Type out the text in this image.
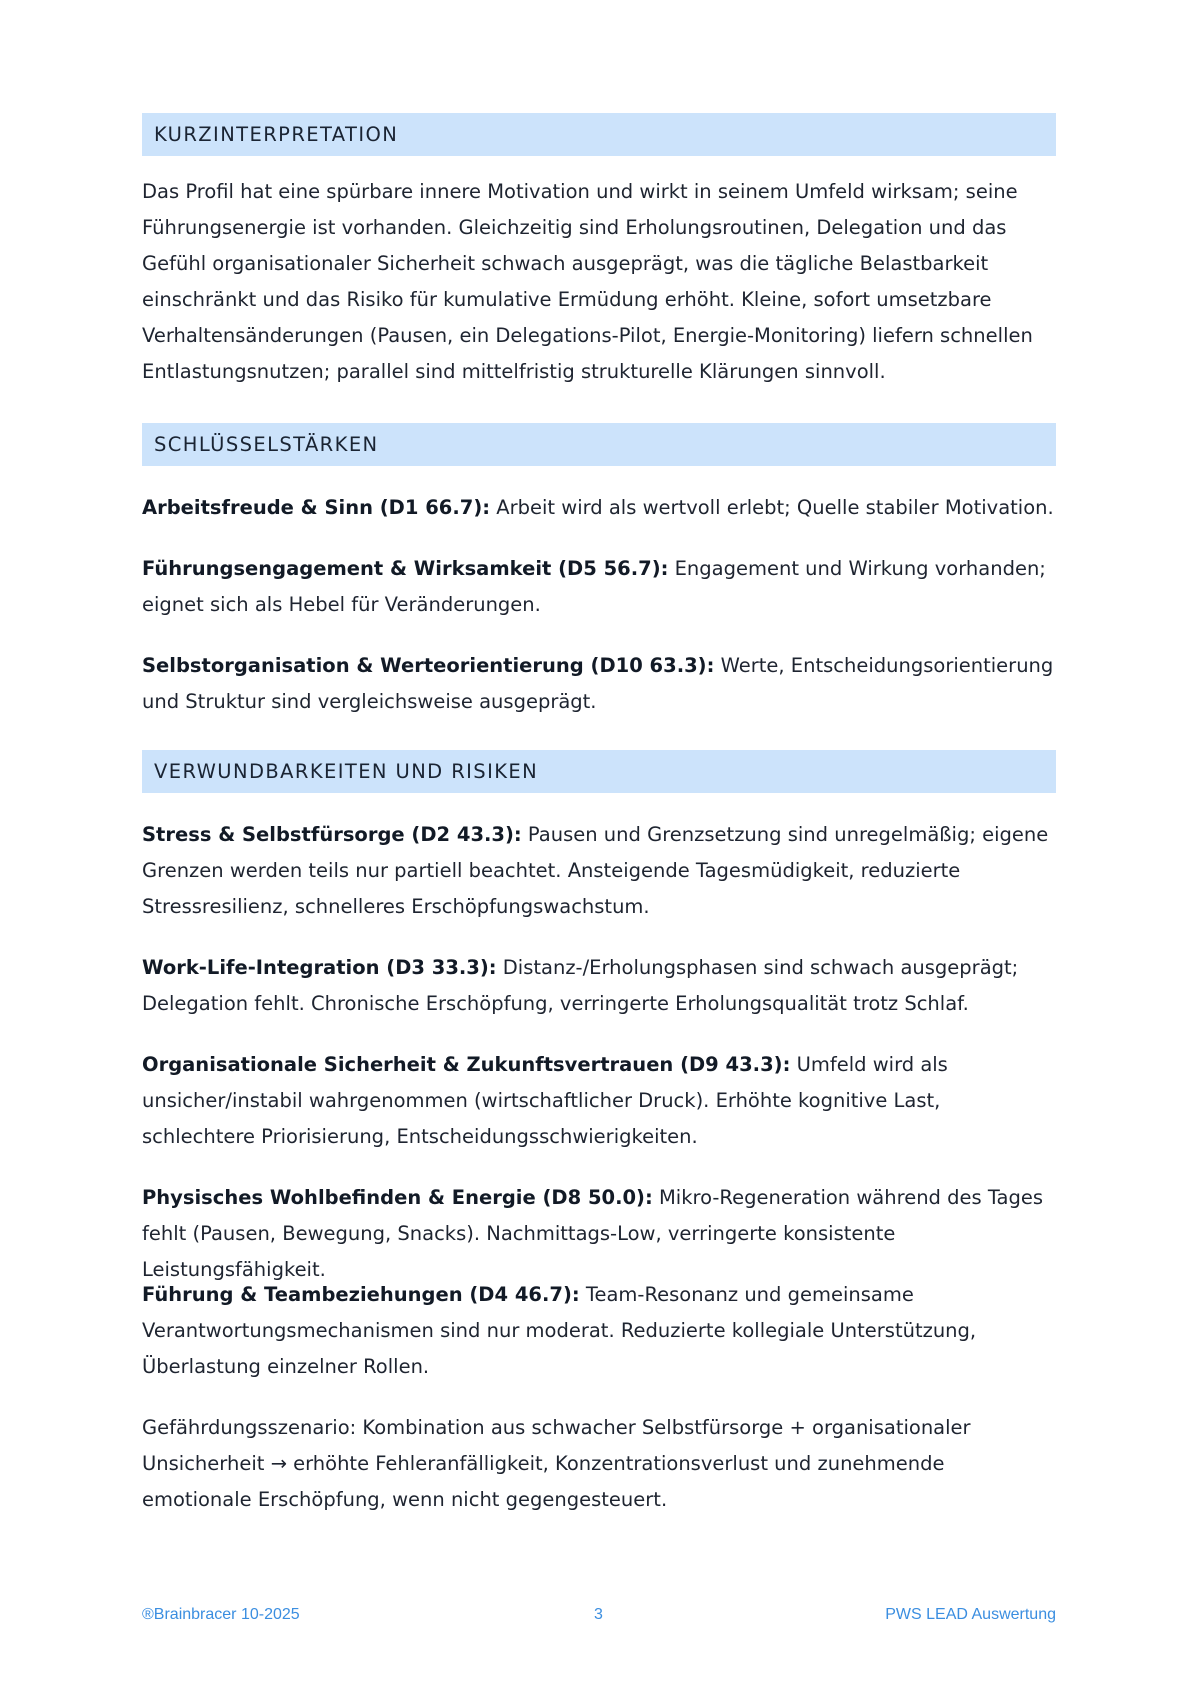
KURZINTERPRETATION

Das Profil hat eine spürbare innere Motivation und wirkt in seinem Umfeld wirksam; seine Führungsenergie ist vorhanden. Gleichzeitig sind Erholungsroutinen, Delegation und das Gefühl organisationaler Sicherheit schwach ausgeprägt, was die tägliche Belastbarkeit einschränkt und das Risiko für kumulative Ermüdung erhöht. Kleine, sofort umsetzbare Verhaltensänderungen (Pausen, ein Delegations-Pilot, Energie-Monitoring) liefern schnellen Entlastungsnutzen; parallel sind mittelfristig strukturelle Klärungen sinnvoll.

SCHLÜSSELSTÄRKEN

Arbeitsfreude & Sinn (D1 66.7): Arbeit wird als wertvoll erlebt; Quelle stabiler Motivation.

Führungsengagement & Wirksamkeit (D5 56.7): Engagement und Wirkung vorhanden; eignet sich als Hebel für Veränderungen.

Selbstorganisation & Werteorientierung (D10 63.3): Werte, Entscheidungsorientierung und Struktur sind vergleichsweise ausgeprägt.

VERWUNDBARKEITEN UND RISIKEN

Stress & Selbstfürsorge (D2 43.3): Pausen und Grenzsetzung sind unregelmäßig; eigene Grenzen werden teils nur partiell beachtet. Ansteigende Tagesmüdigkeit, reduzierte Stressresilienz, schnelleres Erschöpfungswachstum.

Work-Life-Integration (D3 33.3): Distanz-/Erholungsphasen sind schwach ausgeprägt; Delegation fehlt. Chronische Erschöpfung, verringerte Erholungsqualität trotz Schlaf.

Organisationale Sicherheit & Zukunftsvertrauen (D9 43.3): Umfeld wird als unsicher/instabil wahrgenommen (wirtschaftlicher Druck). Erhöhte kognitive Last, schlechtere Priorisierung, Entscheidungsschwierigkeiten.

Physisches Wohlbefinden & Energie (D8 50.0): Mikro-Regeneration während des Tages fehlt (Pausen, Bewegung, Snacks). Nachmittags-Low, verringerte konsistente Leistungsfähigkeit.

Führung & Teambeziehungen (D4 46.7): Team-Resonanz und gemeinsame Verantwortungsmechanismen sind nur moderat. Reduzierte kollegiale Unterstützung, Überlastung einzelner Rollen.

Gefährdungsszenario: Kombination aus schwacher Selbstfürsorge + organisationaler Unsicherheit → erhöhte Fehleranfälligkeit, Konzentrationsverlust und zunehmende emotionale Erschöpfung, wenn nicht gegengesteuert.

®Brainbracer 10-2025	3	PWS LEAD Auswertung
